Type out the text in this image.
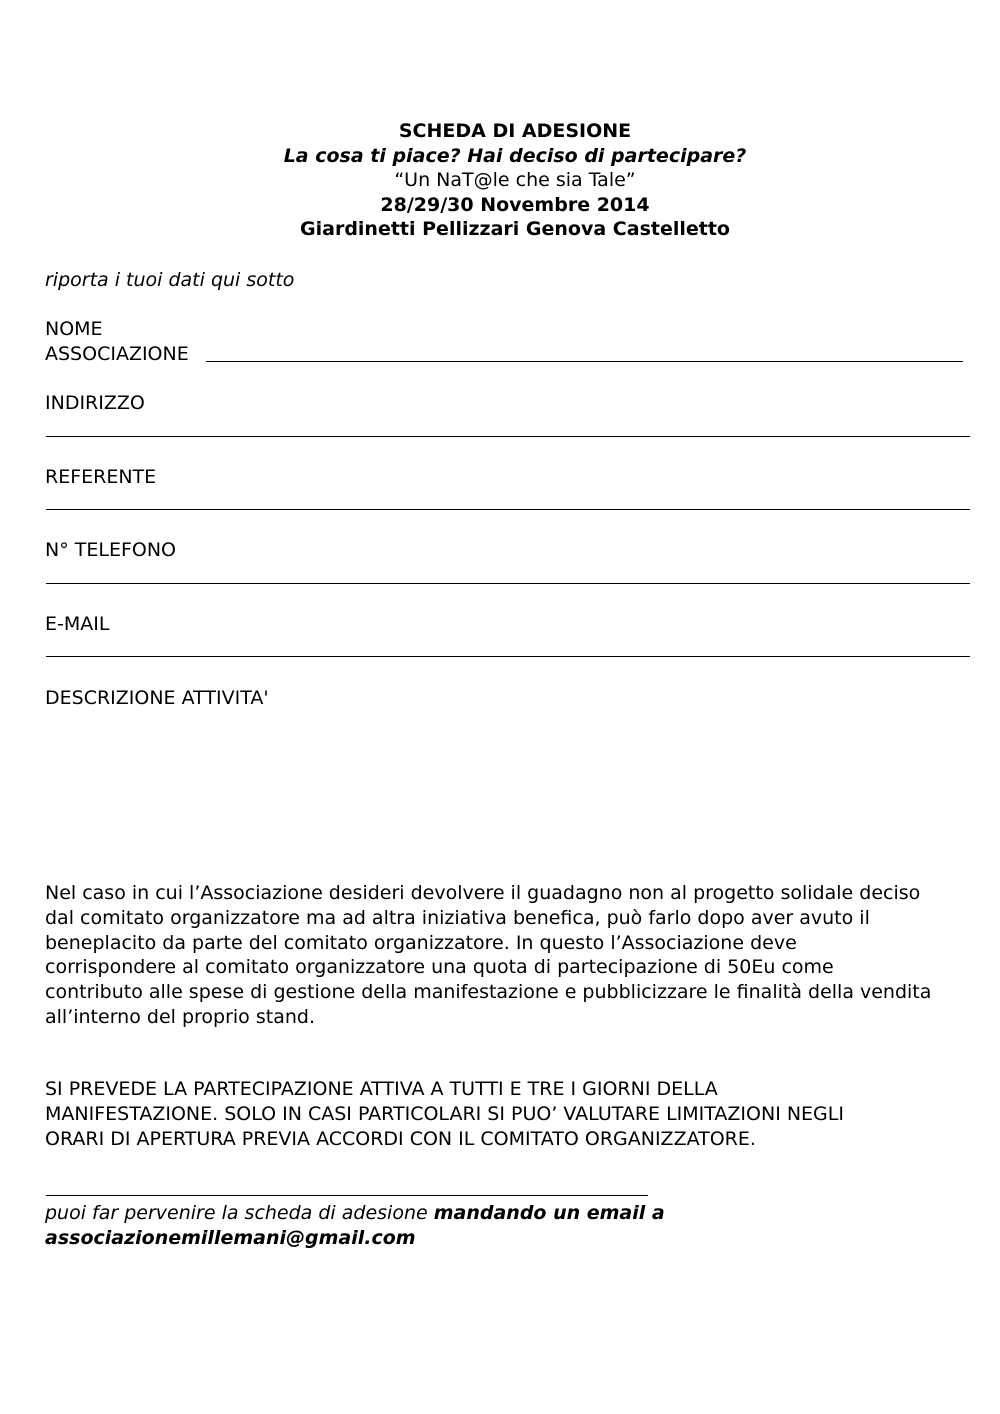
SCHEDA DI ADESIONE
La cosa ti piace? Hai deciso di partecipare?
“Un NaT@le che sia Tale”
28/29/30 Novembre 2014
Giardinetti Pellizzari Genova Castelletto
riporta i tuoi dati qui sotto
NOME
ASSOCIAZIONE
INDIRIZZO
REFERENTE
N° TELEFONO
E-MAIL
DESCRIZIONE ATTIVITA'
Nel caso in cui l’Associazione desideri devolvere il guadagno non al progetto solidale deciso
dal comitato organizzatore ma ad altra iniziativa benefica, può farlo dopo aver avuto il
beneplacito da parte del comitato organizzatore. In questo l’Associazione deve
corrispondere al comitato organizzatore una quota di partecipazione di 50Eu come
contributo alle spese di gestione della manifestazione e pubblicizzare le finalità della vendita
all’interno del proprio stand.
SI PREVEDE LA PARTECIPAZIONE ATTIVA A TUTTI E TRE I GIORNI DELLA
MANIFESTAZIONE. SOLO IN CASI PARTICOLARI SI PUO’ VALUTARE LIMITAZIONI NEGLI
ORARI DI APERTURA PREVIA ACCORDI CON IL COMITATO ORGANIZZATORE.
puoi far pervenire la scheda di adesione mandando un email a
associazionemillemani@gmail.com
